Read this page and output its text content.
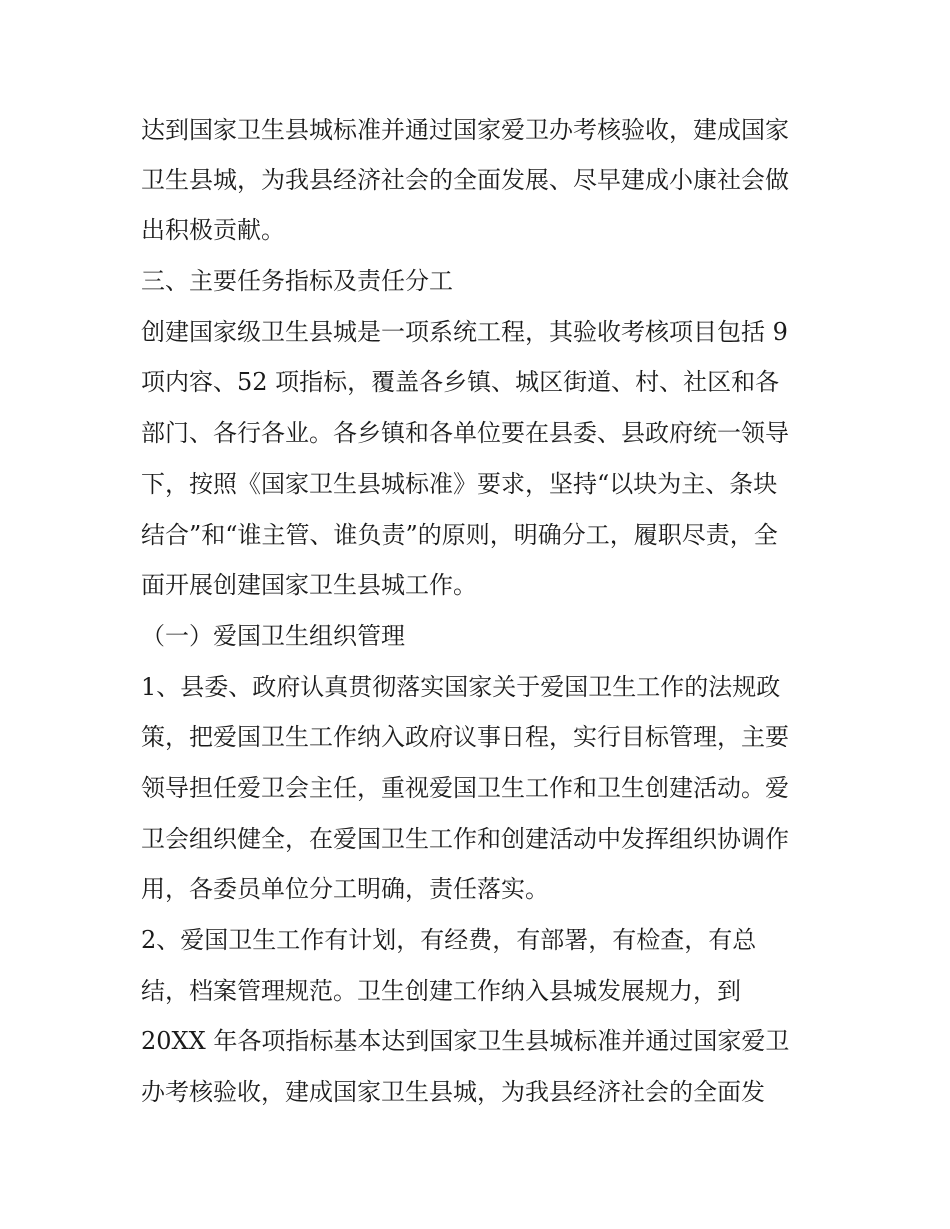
达到国家卫生县城标准并通过国家爱卫办考核验收，建成国家
卫生县城，为我县经济社会的全面发展、尽早建成小康社会做
出积极贡献。
三、主要任务指标及责任分工
创建国家级卫生县城是一项系统工程，其验收考核项目包括 9
项内容、52 项指标，覆盖各乡镇、城区街道、村、社区和各
部门、各行各业。各乡镇和各单位要在县委、县政府统一领导
下，按照《国家卫生县城标准》要求，坚持“以块为主、条块
结合”和“谁主管、谁负责”的原则，明确分工，履职尽责，全
面开展创建国家卫生县城工作。
（一）爱国卫生组织管理
1、县委、政府认真贯彻落实国家关于爱国卫生工作的法规政
策，把爱国卫生工作纳入政府议事日程，实行目标管理，主要
领导担任爱卫会主任，重视爱国卫生工作和卫生创建活动。爱
卫会组织健全，在爱国卫生工作和创建活动中发挥组织协调作
用，各委员单位分工明确，责任落实。
2、爱国卫生工作有计划，有经费，有部署，有检查，有总
结，档案管理规范。卫生创建工作纳入县城发展规力，到
20XX 年各项指标基本达到国家卫生县城标准并通过国家爱卫
办考核验收，建成国家卫生县城，为我县经济社会的全面发
